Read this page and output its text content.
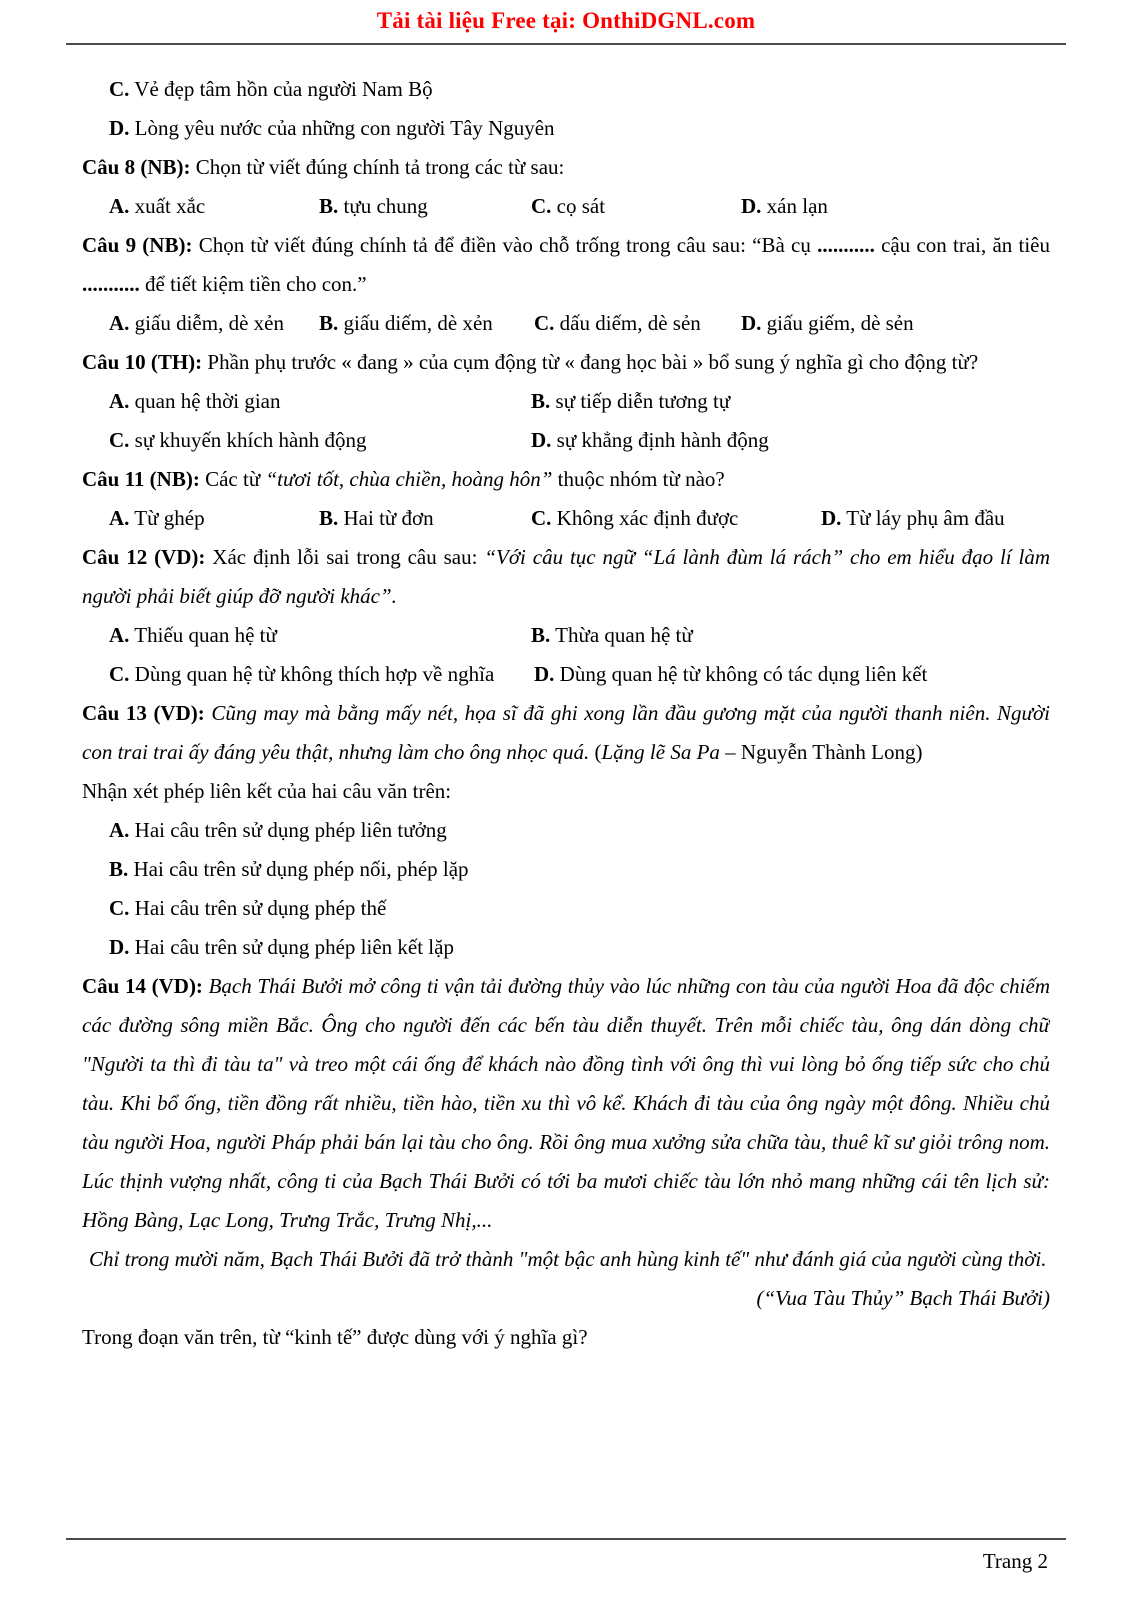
Tải tài liệu Free tại: OnthiDGNL.com
C. Vẻ đẹp tâm hồn của người Nam Bộ
D. Lòng yêu nước của những con người Tây Nguyên
Câu 8 (NB): Chọn từ viết đúng chính tả trong các từ sau:
A. xuất xắc	B. tựu chung	C. cọ sát	D. xán lạn
Câu 9 (NB): Chọn từ viết đúng chính tả để điền vào chỗ trống trong câu sau: “Bà cụ ........... cậu con trai, ăn tiêu ........... để tiết kiệm tiền cho con.”
A. giấu diễm, dè xẻn	B. giấu diếm, dè xẻn	C. dấu diếm, dè sẻn	D. giấu giếm, dè sẻn
Câu 10 (TH): Phần phụ trước « đang » của cụm động từ « đang học bài » bổ sung ý nghĩa gì cho động từ?
A. quan hệ thời gian	B. sự tiếp diễn tương tự
C. sự khuyến khích hành động	D. sự khẳng định hành động
Câu 11 (NB): Các từ “tươi tốt, chùa chiền, hoàng hôn” thuộc nhóm từ nào?
A. Từ ghép	B. Hai từ đơn	C. Không xác định được	D. Từ láy phụ âm đầu
Câu 12 (VD): Xác định lỗi sai trong câu sau: “Với câu tục ngữ “Lá lành đùm lá rách” cho em hiểu đạo lí làm người phải biết giúp đỡ người khác”.
A. Thiếu quan hệ từ	B. Thừa quan hệ từ
C. Dùng quan hệ từ không thích hợp về nghĩa	D. Dùng quan hệ từ không có tác dụng liên kết
Câu 13 (VD): Cũng may mà bằng mấy nét, họa sĩ đã ghi xong lần đầu gương mặt của người thanh niên. Người con trai trai ấy đáng yêu thật, nhưng làm cho ông nhọc quá. (Lặng lẽ Sa Pa – Nguyễn Thành Long)
Nhận xét phép liên kết của hai câu văn trên:
A. Hai câu trên sử dụng phép liên tưởng
B. Hai câu trên sử dụng phép nối, phép lặp
C. Hai câu trên sử dụng phép thế
D. Hai câu trên sử dụng phép liên kết lặp
Câu 14 (VD): Bạch Thái Bưởi mở công ti vận tải đường thủy vào lúc những con tàu của người Hoa đã độc chiếm các đường sông miền Bắc. Ông cho người đến các bến tàu diễn thuyết. Trên mỗi chiếc tàu, ông dán dòng chữ "Người ta thì đi tàu ta" và treo một cái ống để khách nào đồng tình với ông thì vui lòng bỏ ống tiếp sức cho chủ tàu. Khi bổ ống, tiền đồng rất nhiều, tiền hào, tiền xu thì vô kể. Khách đi tàu của ông ngày một đông. Nhiều chủ tàu người Hoa, người Pháp phải bán lại tàu cho ông. Rồi ông mua xưởng sửa chữa tàu, thuê kĩ sư giỏi trông nom. Lúc thịnh vượng nhất, công ti của Bạch Thái Bưởi có tới ba mươi chiếc tàu lớn nhỏ mang những cái tên lịch sử: Hồng Bàng, Lạc Long, Trưng Trắc, Trưng Nhị,...
Chỉ trong mười năm, Bạch Thái Bưởi đã trở thành "một bậc anh hùng kinh tế" như đánh giá của người cùng thời.
(“Vua Tàu Thủy” Bạch Thái Bưởi)
Trong đoạn văn trên, từ “kinh tế” được dùng với ý nghĩa gì?
Trang 2
